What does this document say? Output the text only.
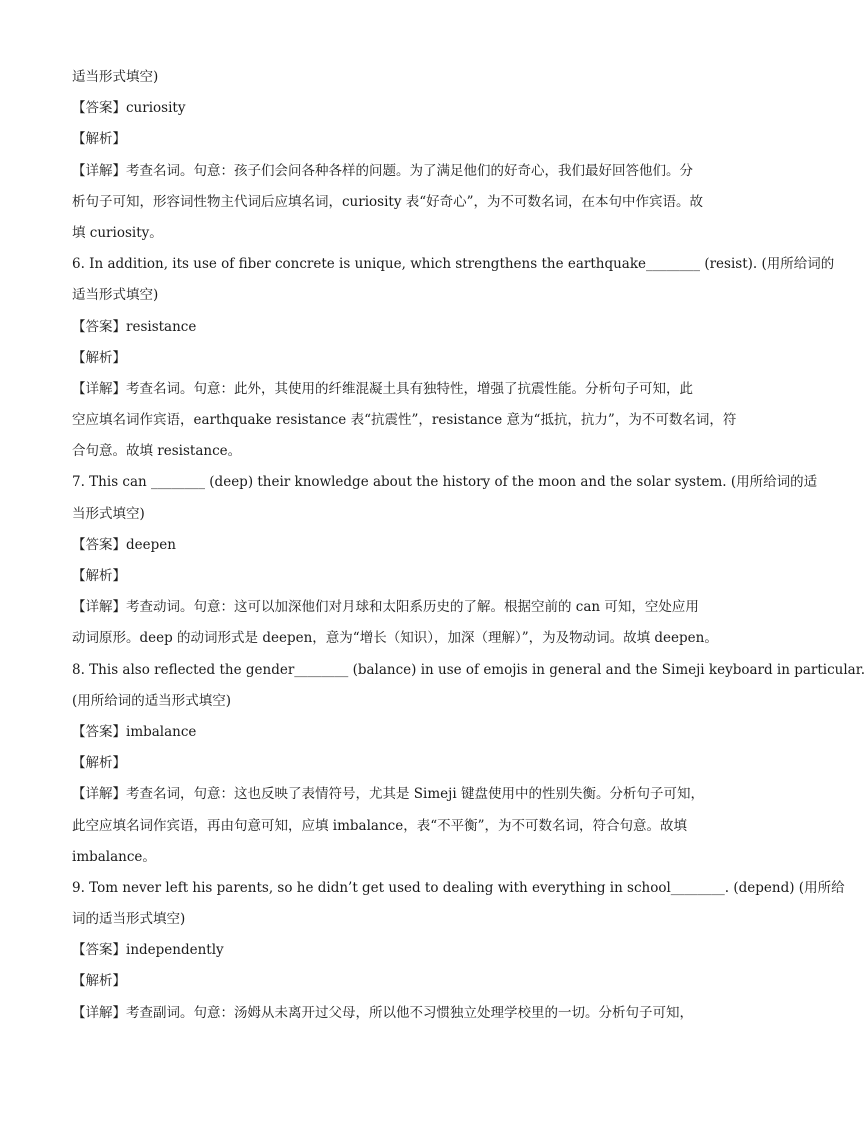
适当形式填空)
【答案】curiosity
【解析】
【详解】考查名词。句意：孩子们会问各种各样的问题。为了满足他们的好奇心，我们最好回答他们。分
析句子可知，形容词性物主代词后应填名词，curiosity 表“好奇心”，为不可数名词，在本句中作宾语。故
填 curiosity。
6. In addition, its use of fiber concrete is unique, which strengthens the earthquake________ (resist). (用所给词的
适当形式填空)
【答案】resistance
【解析】
【详解】考查名词。句意：此外，其使用的纤维混凝土具有独特性，增强了抗震性能。分析句子可知，此
空应填名词作宾语，earthquake resistance 表“抗震性”，resistance 意为“抵抗，抗力”，为不可数名词，符
合句意。故填 resistance。
7. This can ________ (deep) their knowledge about the history of the moon and the solar system. (用所给词的适
当形式填空)
【答案】deepen
【解析】
【详解】考查动词。句意：这可以加深他们对月球和太阳系历史的了解。根据空前的 can 可知，空处应用
动词原形。deep 的动词形式是 deepen，意为“增长（知识），加深（理解）”，为及物动词。故填 deepen。
8. This also reflected the gender________ (balance) in use of emojis in general and the Simeji keyboard in particular.
(用所给词的适当形式填空)
【答案】imbalance
【解析】
【详解】考查名词，句意：这也反映了表情符号，尤其是 Simeji 键盘使用中的性别失衡。分析句子可知，
此空应填名词作宾语，再由句意可知，应填 imbalance，表“不平衡”，为不可数名词，符合句意。故填
imbalance。
9. Tom never left his parents, so he didn’t get used to dealing with everything in school________. (depend) (用所给
词的适当形式填空)
【答案】independently
【解析】
【详解】考查副词。句意：汤姆从未离开过父母，所以他不习惯独立处理学校里的一切。分析句子可知，
